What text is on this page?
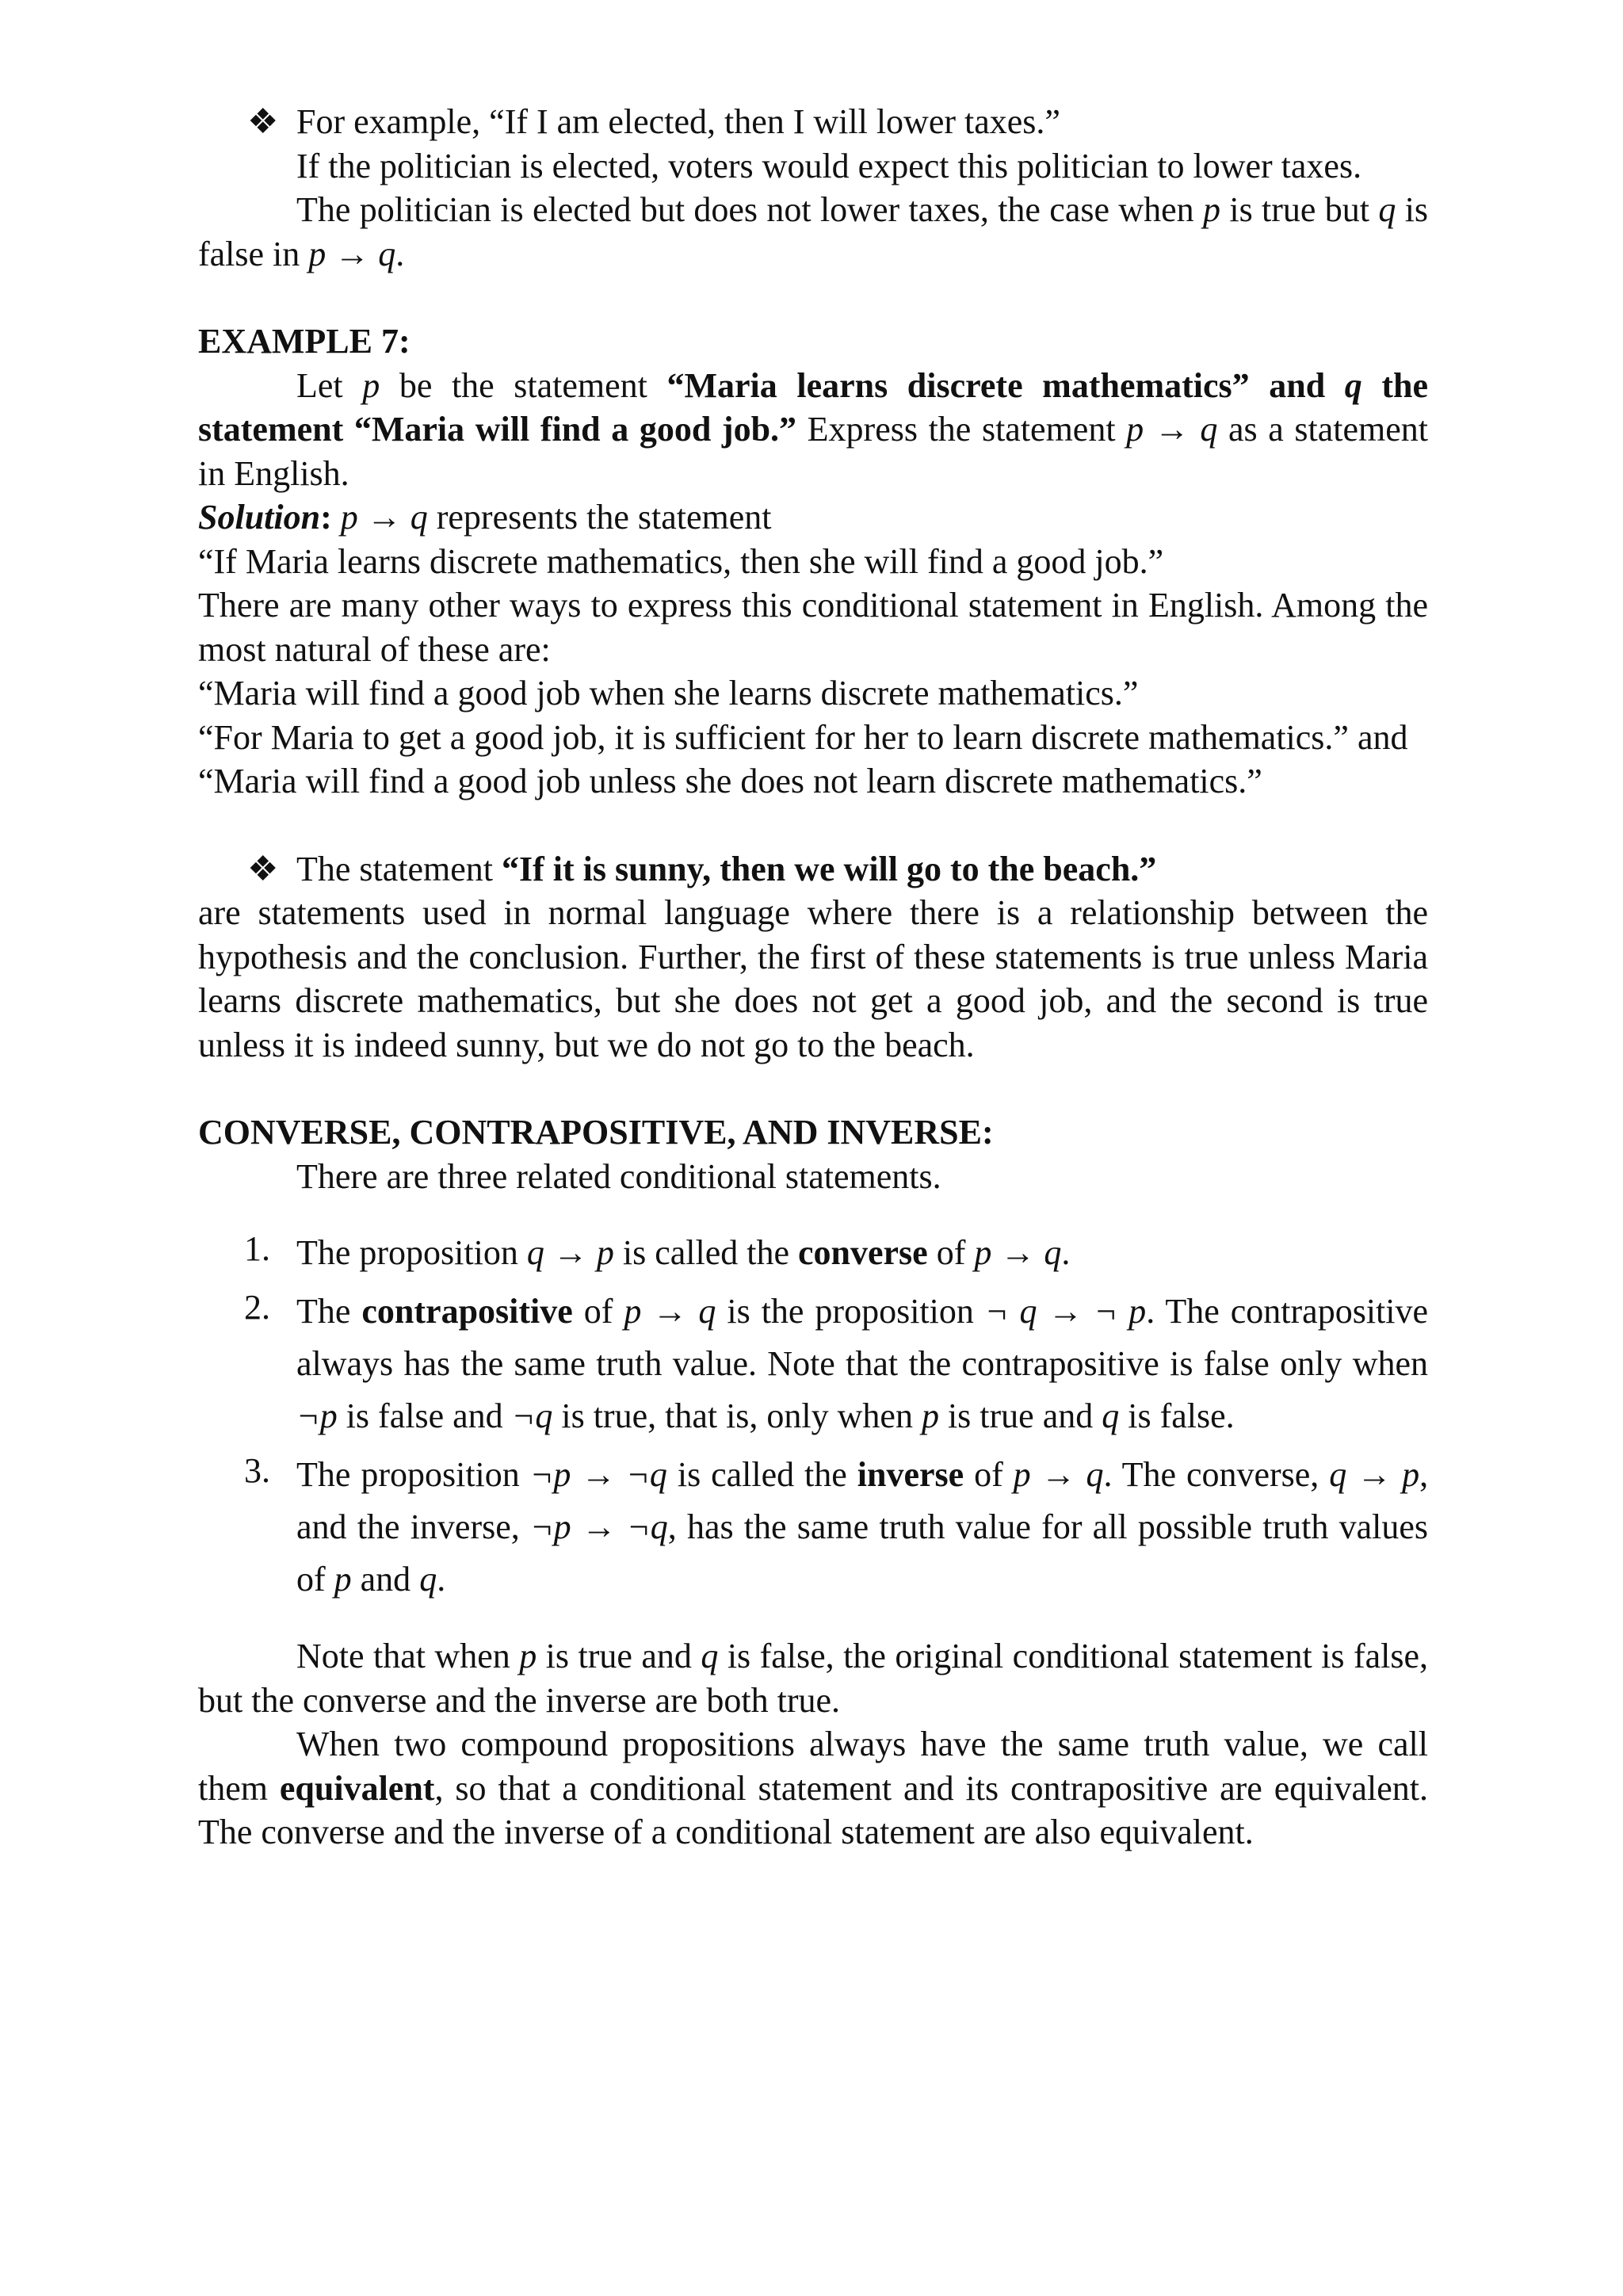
❖ For example, “If I am elected, then I will lower taxes.”

If the politician is elected, voters would expect this politician to lower taxes.

The politician is elected but does not lower taxes, the case when p is true but q is false in p → q.

EXAMPLE 7:

Let p be the statement “Maria learns discrete mathematics” and q the statement “Maria will find a good job.” Express the statement p → q as a statement in English.

Solution: p → q represents the statement

“If Maria learns discrete mathematics, then she will find a good job.”

There are many other ways to express this conditional statement in English. Among the most natural of these are:

“Maria will find a good job when she learns discrete mathematics.”

“For Maria to get a good job, it is sufficient for her to learn discrete mathematics.” and

“Maria will find a good job unless she does not learn discrete mathematics.”

❖ The statement “If it is sunny, then we will go to the beach.”

are statements used in normal language where there is a relationship between the hypothesis and the conclusion. Further, the first of these statements is true unless Maria learns discrete mathematics, but she does not get a good job, and the second is true unless it is indeed sunny, but we do not go to the beach.

CONVERSE, CONTRAPOSITIVE, AND INVERSE:

There are three related conditional statements.

1. The proposition q → p is called the converse of p → q.

2. The contrapositive of p → q is the proposition ¬ q → ¬ p. The contrapositive always has the same truth value. Note that the contrapositive is false only when ¬p is false and ¬q is true, that is, only when p is true and q is false.

3. The proposition ¬p → ¬q is called the inverse of p → q. The converse, q → p, and the inverse, ¬p → ¬q, has the same truth value for all possible truth values of p and q.

Note that when p is true and q is false, the original conditional statement is false, but the converse and the inverse are both true.

When two compound propositions always have the same truth value, we call them equivalent, so that a conditional statement and its contrapositive are equivalent. The converse and the inverse of a conditional statement are also equivalent.
